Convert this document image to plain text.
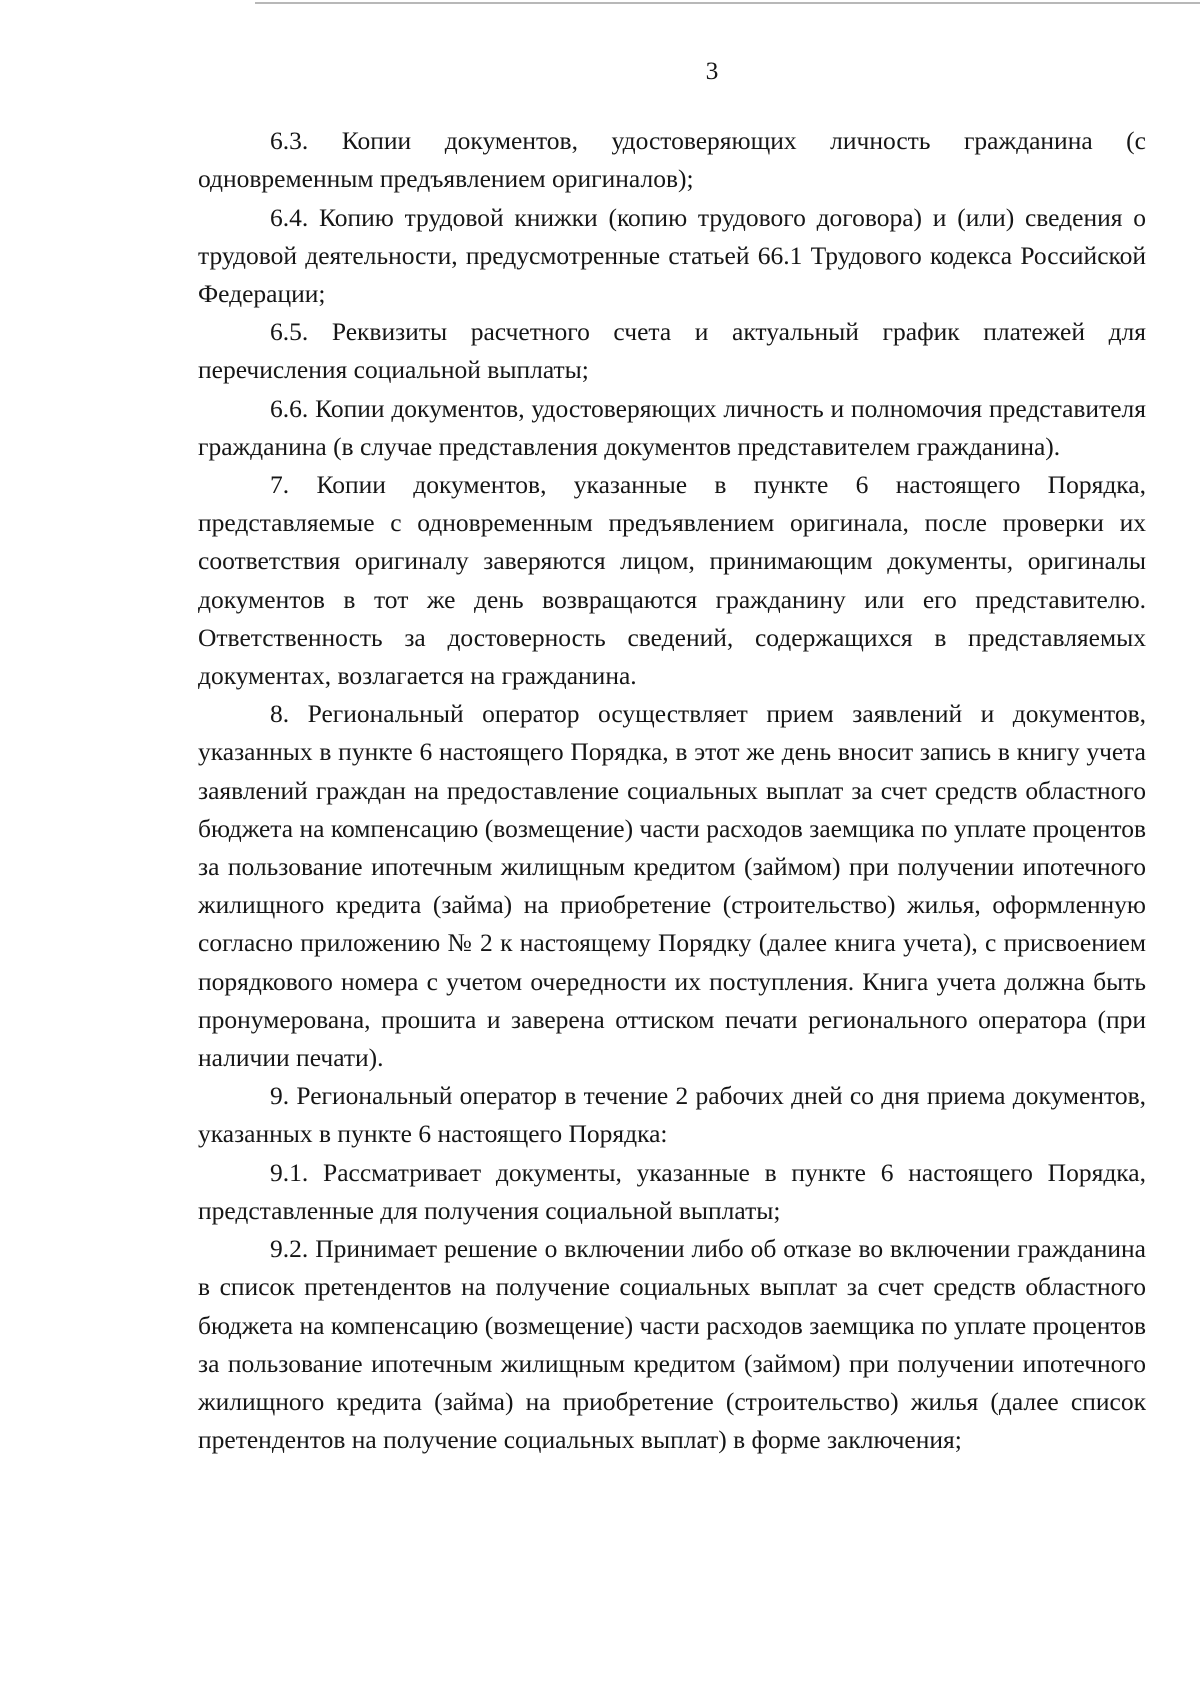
3

6.3. Копии документов, удостоверяющих личность гражданина (с одновременным предъявлением оригиналов);

6.4. Копию трудовой книжки (копию трудового договора) и (или) сведения о трудовой деятельности, предусмотренные статьей 66.1 Трудового кодекса Российской Федерации;

6.5. Реквизиты расчетного счета и актуальный график платежей для перечисления социальной выплаты;

6.6. Копии документов, удостоверяющих личность и полномочия представителя гражданина (в случае представления документов представителем гражданина).

7. Копии документов, указанные в пункте 6 настоящего Порядка, представляемые с одновременным предъявлением оригинала, после проверки их соответствия оригиналу заверяются лицом, принимающим документы, оригиналы документов в тот же день возвращаются гражданину или его представителю. Ответственность за достоверность сведений, содержащихся в представляемых документах, возлагается на гражданина.

8. Региональный оператор осуществляет прием заявлений и документов, указанных в пункте 6 настоящего Порядка, в этот же день вносит запись в книгу учета заявлений граждан на предоставление социальных выплат за счет средств областного бюджета на компенсацию (возмещение) части расходов заемщика по уплате процентов за пользование ипотечным жилищным кредитом (займом) при получении ипотечного жилищного кредита (займа) на приобретение (строительство) жилья, оформленную согласно приложению № 2 к настоящему Порядку (далее книга учета), с присвоением порядкового номера с учетом очередности их поступления. Книга учета должна быть пронумерована, прошита и заверена оттиском печати регионального оператора (при наличии печати).

9. Региональный оператор в течение 2 рабочих дней со дня приема документов, указанных в пункте 6 настоящего Порядка:

9.1. Рассматривает документы, указанные в пункте 6 настоящего Порядка, представленные для получения социальной выплаты;

9.2. Принимает решение о включении либо об отказе во включении гражданина в список претендентов на получение социальных выплат за счет средств областного бюджета на компенсацию (возмещение) части расходов заемщика по уплате процентов за пользование ипотечным жилищным кредитом (займом) при получении ипотечного жилищного кредита (займа) на приобретение (строительство) жилья (далее список претендентов на получение социальных выплат) в форме заключения;
